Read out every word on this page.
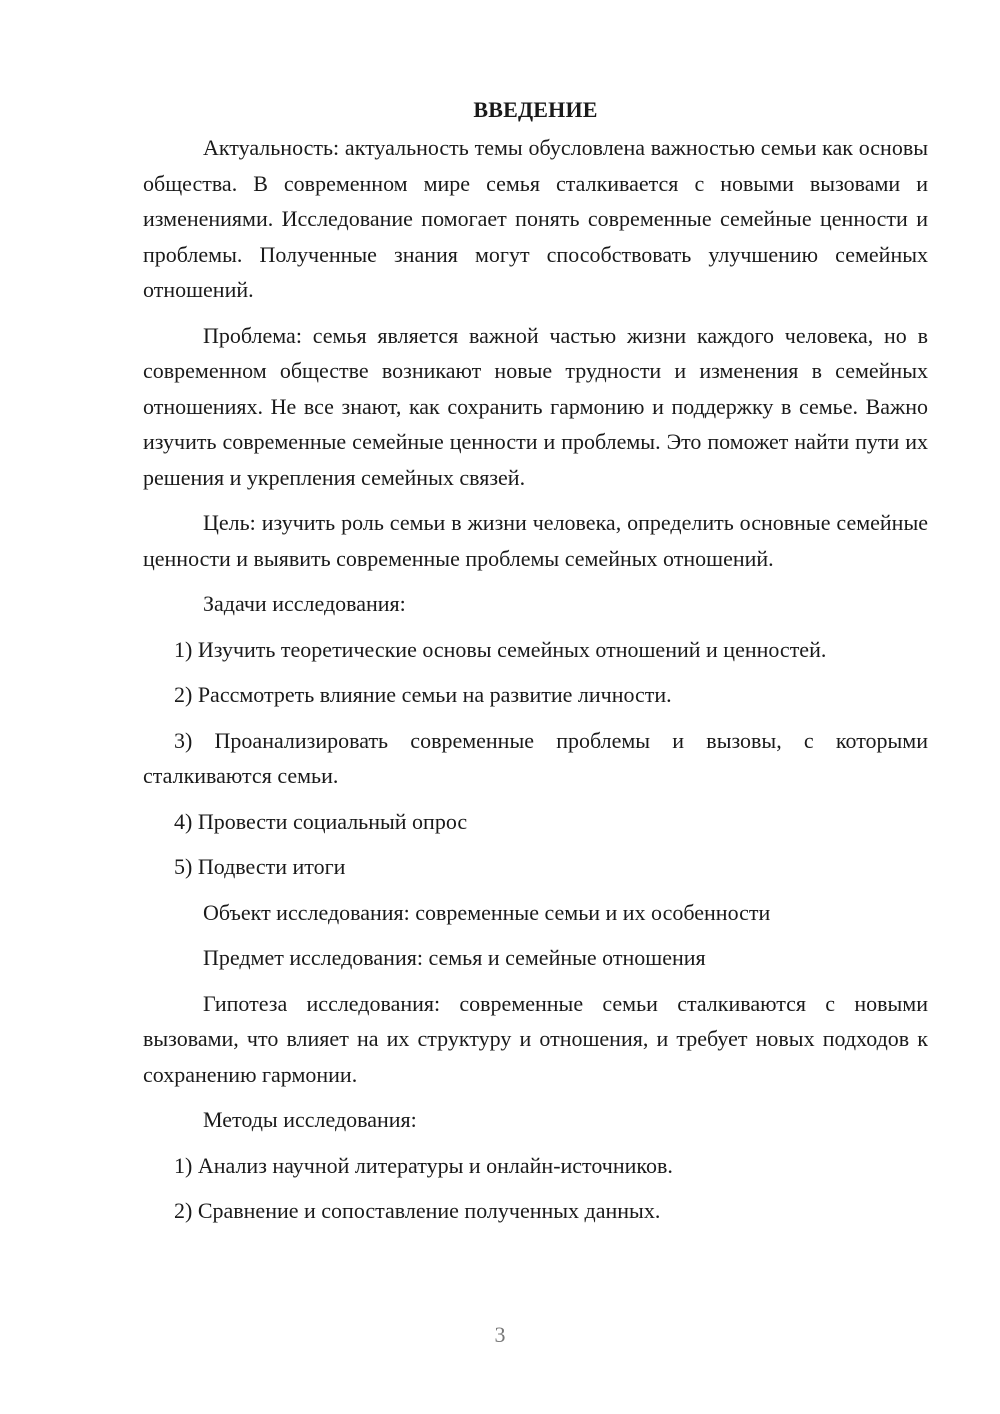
ВВЕДЕНИЕ

Актуальность: актуальность темы обусловлена важностью семьи как основы общества. В современном мире семья сталкивается с новыми вызовами и изменениями. Исследование помогает понять современные семейные ценности и проблемы. Полученные знания могут способствовать улучшению семейных отношений.

Проблема: семья является важной частью жизни каждого человека, но в современном обществе возникают новые трудности и изменения в семейных отношениях. Не все знают, как сохранить гармонию и поддержку в семье. Важно изучить современные семейные ценности и проблемы. Это поможет найти пути их решения и укрепления семейных связей.

Цель: изучить роль семьи в жизни человека, определить основные семейные ценности и выявить современные проблемы семейных отношений.

Задачи исследования:

1) Изучить теоретические основы семейных отношений и ценностей.

2) Рассмотреть влияние семьи на развитие личности.

3) Проанализировать современные проблемы и вызовы, с которыми сталкиваются семьи.

4) Провести социальный опрос

5) Подвести итоги

Объект исследования: современные семьи и их особенности

Предмет исследования: семья и семейные отношения

Гипотеза исследования: современные семьи сталкиваются с новыми вызовами, что влияет на их структуру и отношения, и требует новых подходов к сохранению гармонии.

Методы исследования:

1) Анализ научной литературы и онлайн-источников.

2) Сравнение и сопоставление полученных данных.

3
